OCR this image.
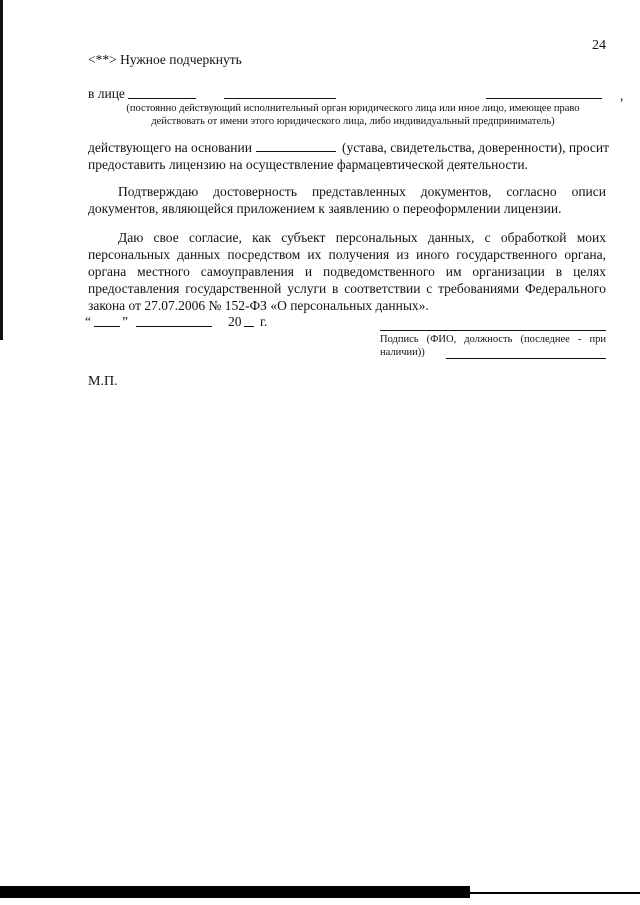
24
<**> Нужное подчеркнуть
в лице	,
(постоянно действующий исполнительный орган юридического лица или иное лицо, имеющее право
действовать от имени этого юридического лица, либо индивидуальный предприниматель)
действующего на основании	(устава, свидетельства, доверенности), просит
предоставить лицензию на осуществление фармацевтической деятельности.
Подтверждаю достоверность представленных документов, согласно описи документов, являющейся приложением к заявлению о переоформлении лицензии.
Даю свое согласие, как субъект персональных данных, с обработкой моих персональных данных посредством их получения из иного государственного органа, органа местного самоуправления и подведомственного им организации в целях предоставления государственной услуги в соответствии с требованиями Федерального закона от 27.07.2006 № 152-ФЗ «О персональных данных».
“ ”	20 г.
Подпись (ФИО, должность (последнее - при наличии))
М.П.
